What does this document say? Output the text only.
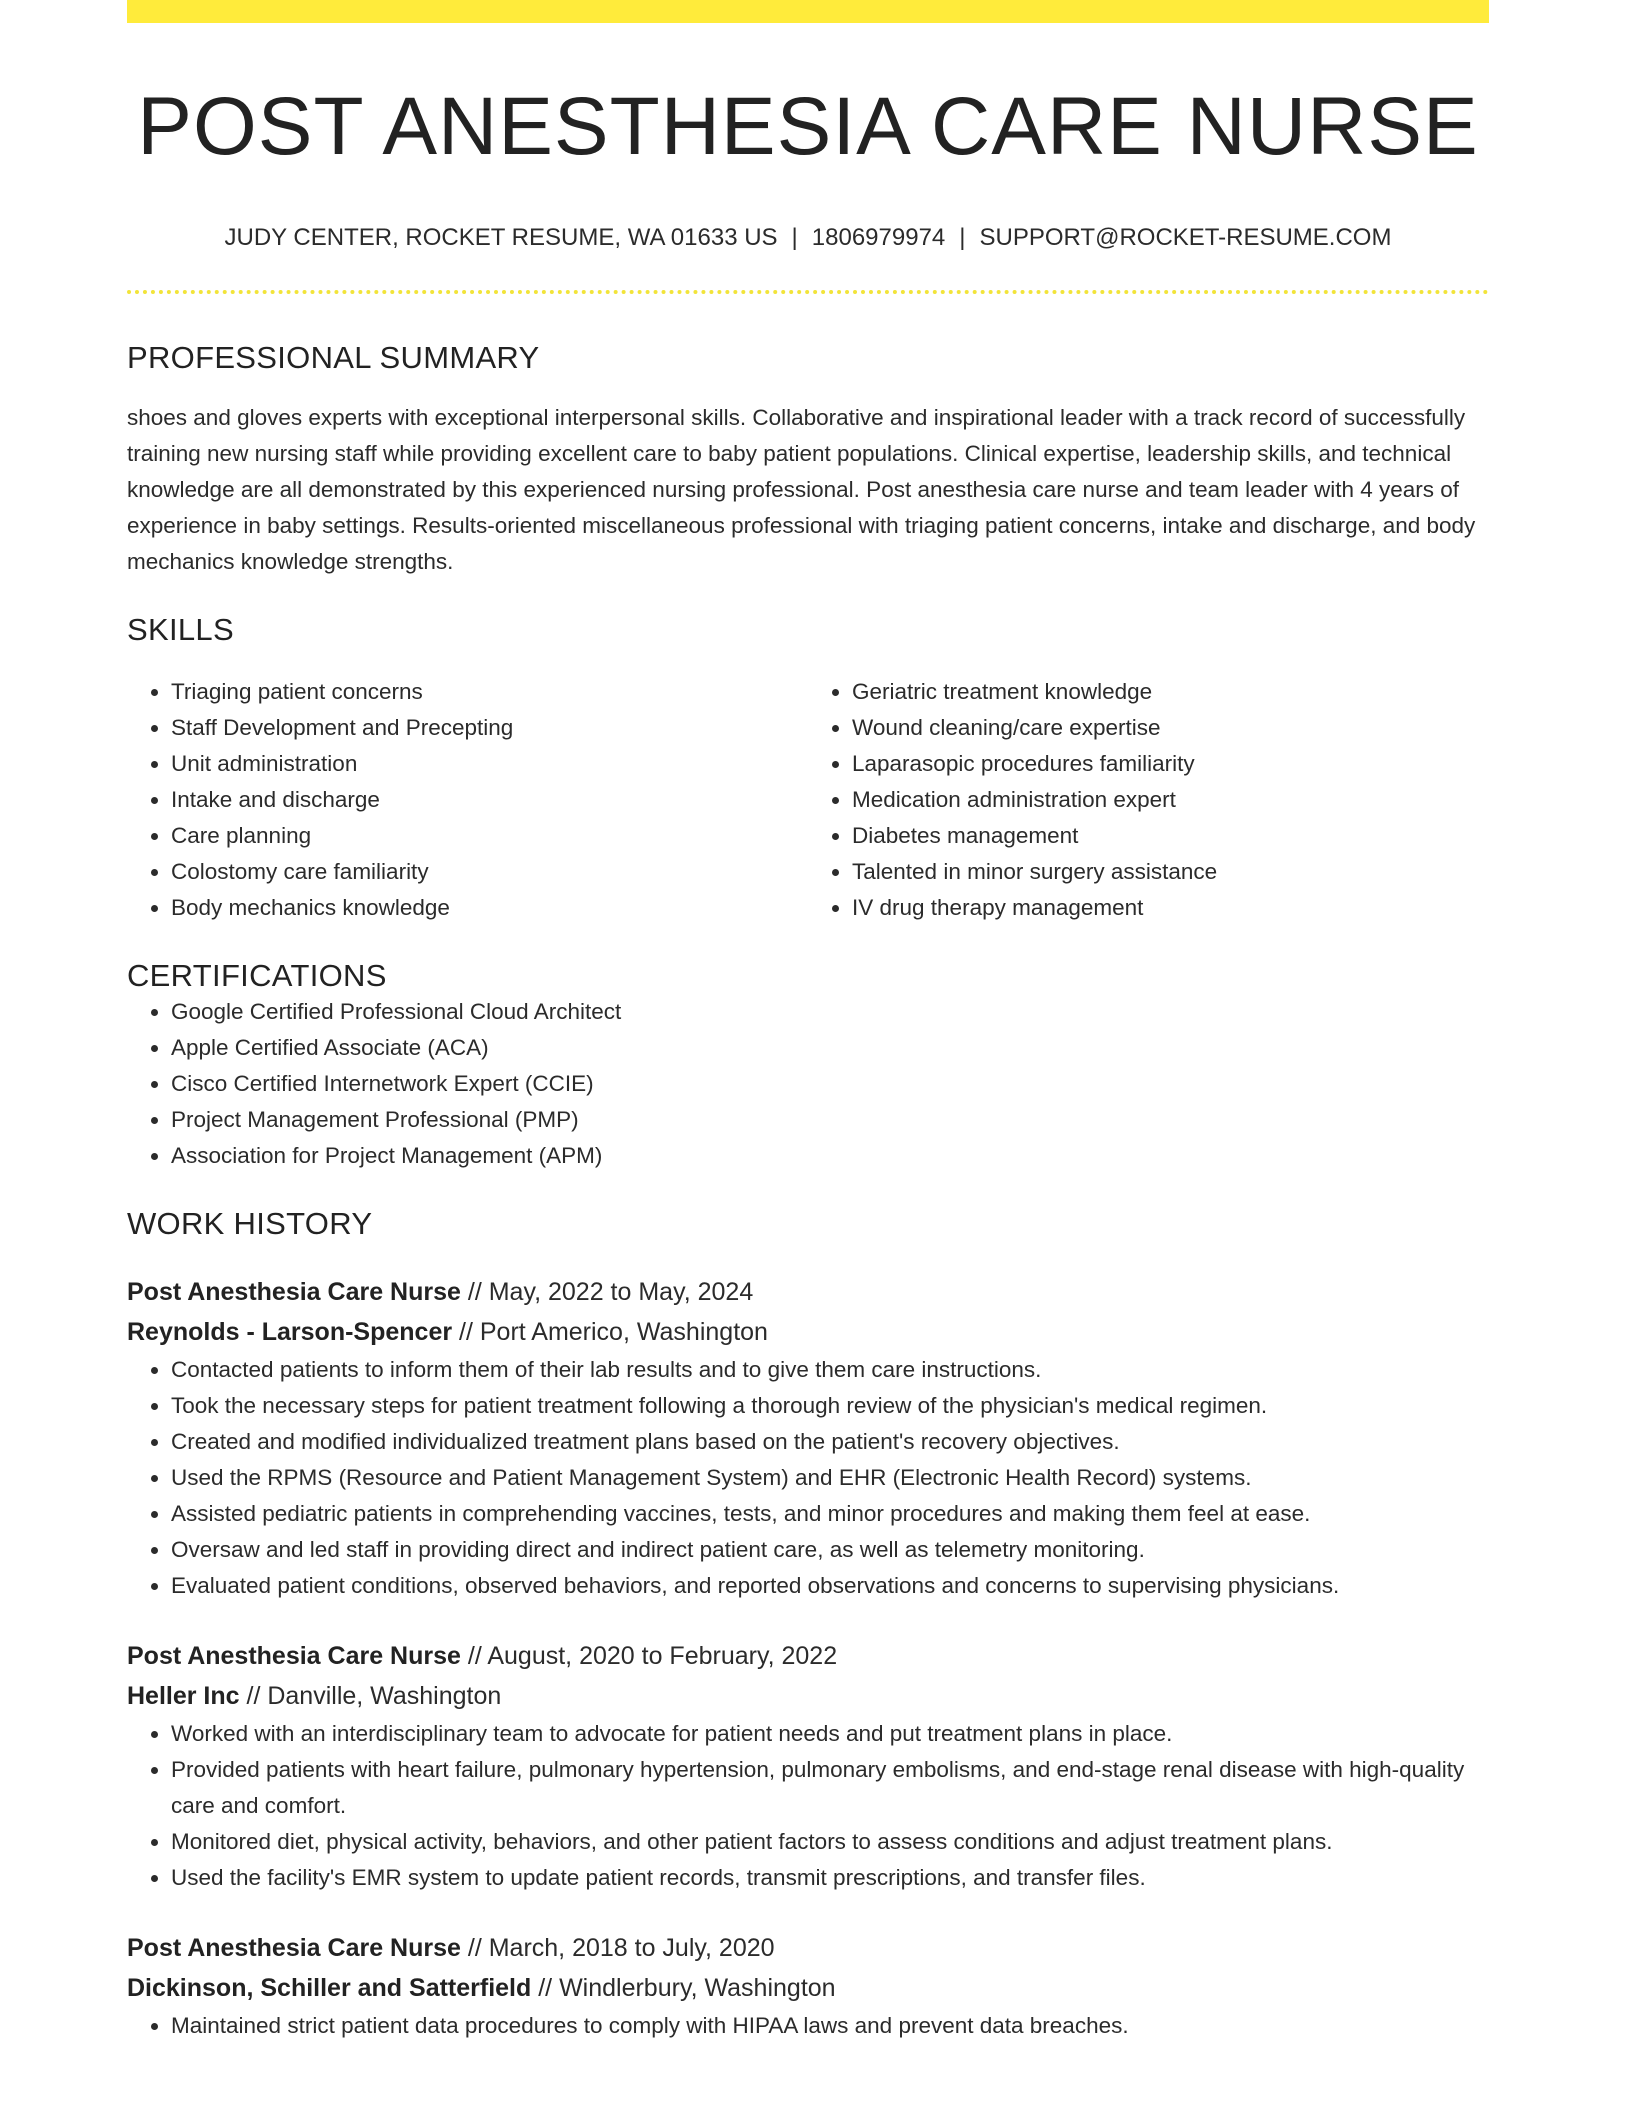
POST ANESTHESIA CARE NURSE
JUDY CENTER, ROCKET RESUME, WA 01633 US | 1806979974 | SUPPORT@ROCKET-RESUME.COM
PROFESSIONAL SUMMARY
shoes and gloves experts with exceptional interpersonal skills. Collaborative and inspirational leader with a track record of successfully training new nursing staff while providing excellent care to baby patient populations. Clinical expertise, leadership skills, and technical knowledge are all demonstrated by this experienced nursing professional. Post anesthesia care nurse and team leader with 4 years of experience in baby settings. Results-oriented miscellaneous professional with triaging patient concerns, intake and discharge, and body mechanics knowledge strengths.
SKILLS
• Triaging patient concerns
• Staff Development and Precepting
• Unit administration
• Intake and discharge
• Care planning
• Colostomy care familiarity
• Body mechanics knowledge
• Geriatric treatment knowledge
• Wound cleaning/care expertise
• Laparasopic procedures familiarity
• Medication administration expert
• Diabetes management
• Talented in minor surgery assistance
• IV drug therapy management
CERTIFICATIONS
• Google Certified Professional Cloud Architect
• Apple Certified Associate (ACA)
• Cisco Certified Internetwork Expert (CCIE)
• Project Management Professional (PMP)
• Association for Project Management (APM)
WORK HISTORY
Post Anesthesia Care Nurse // May, 2022 to May, 2024
Reynolds - Larson-Spencer // Port Americo, Washington
• Contacted patients to inform them of their lab results and to give them care instructions.
• Took the necessary steps for patient treatment following a thorough review of the physician's medical regimen.
• Created and modified individualized treatment plans based on the patient's recovery objectives.
• Used the RPMS (Resource and Patient Management System) and EHR (Electronic Health Record) systems.
• Assisted pediatric patients in comprehending vaccines, tests, and minor procedures and making them feel at ease.
• Oversaw and led staff in providing direct and indirect patient care, as well as telemetry monitoring.
• Evaluated patient conditions, observed behaviors, and reported observations and concerns to supervising physicians.
Post Anesthesia Care Nurse // August, 2020 to February, 2022
Heller Inc // Danville, Washington
• Worked with an interdisciplinary team to advocate for patient needs and put treatment plans in place.
• Provided patients with heart failure, pulmonary hypertension, pulmonary embolisms, and end-stage renal disease with high-quality care and comfort.
• Monitored diet, physical activity, behaviors, and other patient factors to assess conditions and adjust treatment plans.
• Used the facility's EMR system to update patient records, transmit prescriptions, and transfer files.
Post Anesthesia Care Nurse // March, 2018 to July, 2020
Dickinson, Schiller and Satterfield // Windlerbury, Washington
• Maintained strict patient data procedures to comply with HIPAA laws and prevent data breaches.
